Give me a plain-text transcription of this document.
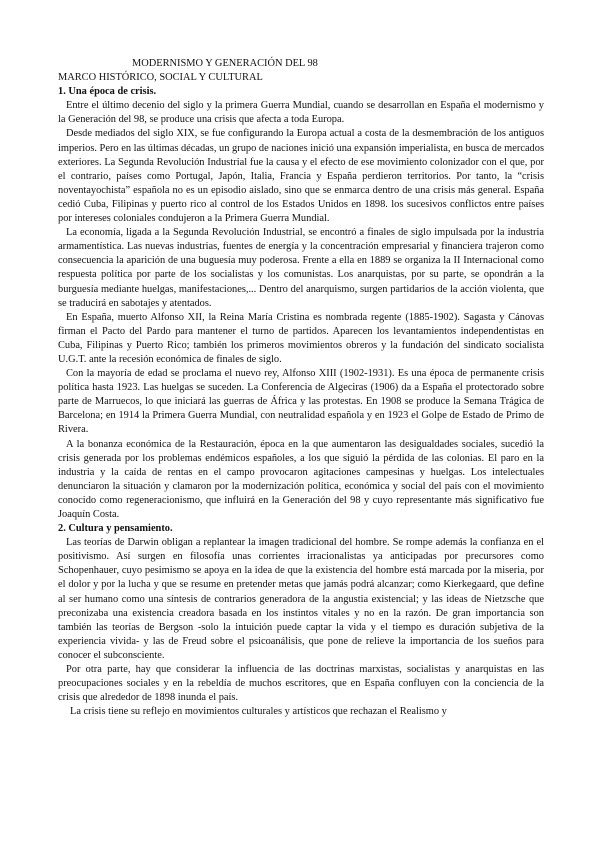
MODERNISMO Y GENERACIÓN DEL 98
MARCO HISTÓRICO, SOCIAL Y CULTURAL
1. Una época de crisis.

Entre el último decenio del siglo y la primera Guerra Mundial, cuando se desarrollan en España el modernismo y la Generación del 98, se produce una crisis que afecta a toda Europa.

Desde mediados del siglo XIX, se fue configurando la Europa actual a costa de la desmembración de los antiguos imperios. Pero en las últimas décadas, un grupo de naciones inició una expansión imperialista, en busca de mercados exteriores. La Segunda Revolución Industrial fue la causa y el efecto de ese movimiento colonizador con el que, por el contrario, países como Portugal, Japón, Italia, Francia y España perdieron territorios. Por tanto, la “crisis noventayochista” española no es un episodio aislado, sino que se enmarca dentro de una crisis más general. España cedió Cuba, Filipinas y puerto rico al control de los Estados Unidos en 1898. los sucesivos conflictos entre países por intereses coloniales condujeron a la Primera Guerra Mundial.

La economía, ligada a la Segunda Revolución Industrial, se encontró a finales de siglo impulsada por la industria armamentística. Las nuevas industrias, fuentes de energía y la concentración empresarial y financiera trajeron como consecuencia la aparición de una buguesía muy poderosa. Frente a ella en 1889 se organiza la II Internacional como respuesta política por parte de los socialistas y los comunistas. Los anarquistas, por su parte, se opondrán a la burguesía mediante huelgas, manifestaciones,... Dentro del anarquismo, surgen partidarios de la acción violenta, que se traducirá en sabotajes y atentados.

En España, muerto Alfonso XII, la Reina María Cristina es nombrada regente (1885-1902). Sagasta y Cánovas firman el Pacto del Pardo para mantener el turno de partidos. Aparecen los levantamientos independentistas en Cuba, Filipinas y Puerto Rico; también los primeros movimientos obreros y la fundación del sindicato socialista U.G.T. ante la recesión económica de finales de siglo.

Con la mayoría de edad se proclama el nuevo rey, Alfonso XIII (1902-1931). Es una época de permanente crisis política hasta 1923. Las huelgas se suceden. La Conferencia de Algeciras (1906) da a España el protectorado sobre parte de Marruecos, lo que iniciará las guerras de África y las protestas. En 1908 se produce la Semana Trágica de Barcelona; en 1914 la Primera Guerra Mundial, con neutralidad española y en 1923 el Golpe de Estado de Primo de Rivera.

A la bonanza económica de la Restauración, época en la que aumentaron las desigualdades sociales, sucedió la crisis generada por los problemas endémicos españoles, a los que siguió la pérdida de las colonias. El paro en la industria y la caída de rentas en el campo provocaron agitaciones campesinas y huelgas. Los intelectuales denunciaron la situación y clamaron por la modernización política, económica y social del país con el movimiento conocido como regeneracionismo, que influirá en la Generación del 98 y cuyo representante más significativo fue Joaquín Costa.

2. Cultura y pensamiento.

Las teorías de Darwin obligan a replantear la imagen tradicional del hombre. Se rompe además la confianza en el positivismo. Así surgen en filosofía unas corrientes irracionalistas ya anticipadas por precursores como Schopenhauer, cuyo pesimismo se apoya en la idea de que la existencia del hombre está marcada por la miseria, por el dolor y por la lucha y que se resume en pretender metas que jamás podrá alcanzar; como Kierkegaard, que define al ser humano como una síntesis de contrarios generadora de la angustia existencial; y las ideas de Nietzsche que preconizaba una existencia creadora basada en los instintos vitales y no en la razón. De gran importancia son también las teorías de Bergson -solo la intuición puede captar la vida y el tiempo es duración subjetiva de la experiencia vivida- y las de Freud sobre el psicoanálisis, que pone de relieve la importancia de los sueños para conocer el subconsciente.

Por otra parte, hay que considerar la influencia de las doctrinas marxistas, socialistas y anarquistas en las preocupaciones sociales y en la rebeldía de muchos escritores, que en España confluyen con la conciencia de la crisis que alrededor de 1898 inunda el país.

La crisis tiene su reflejo en movimientos culturales y artísticos que rechazan el Realismo y
